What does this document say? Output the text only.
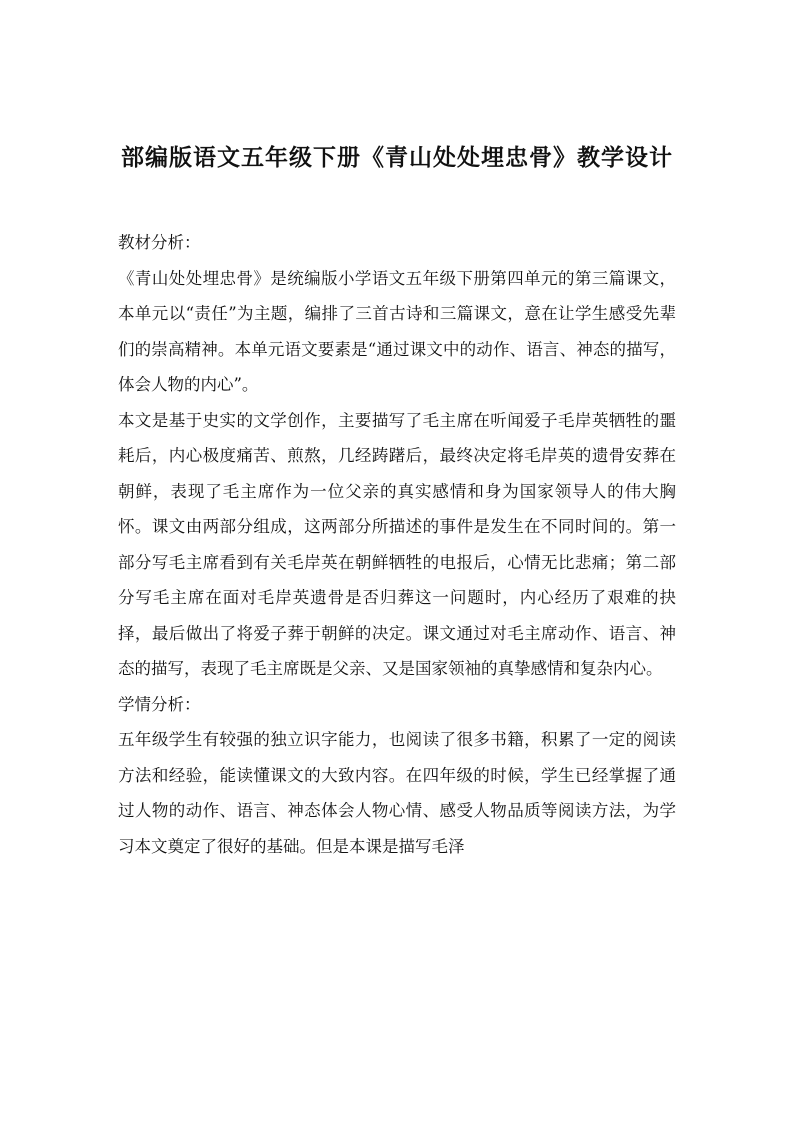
部编版语文五年级下册《青山处处埋忠骨》教学设计

教材分析：

《青山处处埋忠骨》是统编版小学语文五年级下册第四单元的第三篇课文，本单元以“责任”为主题，编排了三首古诗和三篇课文，意在让学生感受先辈们的崇高精神。本单元语文要素是“通过课文中的动作、语言、神态的描写，体会人物的内心”。

本文是基于史实的文学创作，主要描写了毛主席在听闻爱子毛岸英牺牲的噩耗后，内心极度痛苦、煎熬，几经踌躇后，最终决定将毛岸英的遗骨安葬在朝鲜，表现了毛主席作为一位父亲的真实感情和身为国家领导人的伟大胸怀。课文由两部分组成，这两部分所描述的事件是发生在不同时间的。第一部分写毛主席看到有关毛岸英在朝鲜牺牲的电报后，心情无比悲痛；第二部分写毛主席在面对毛岸英遗骨是否归葬这一问题时，内心经历了艰难的抉择，最后做出了将爱子葬于朝鲜的决定。课文通过对毛主席动作、语言、神态的描写，表现了毛主席既是父亲、又是国家领袖的真挚感情和复杂内心。

学情分析：

五年级学生有较强的独立识字能力，也阅读了很多书籍，积累了一定的阅读方法和经验，能读懂课文的大致内容。在四年级的时候，学生已经掌握了通过人物的动作、语言、神态体会人物心情、感受人物品质等阅读方法，为学习本文奠定了很好的基础。但是本课是描写毛泽
